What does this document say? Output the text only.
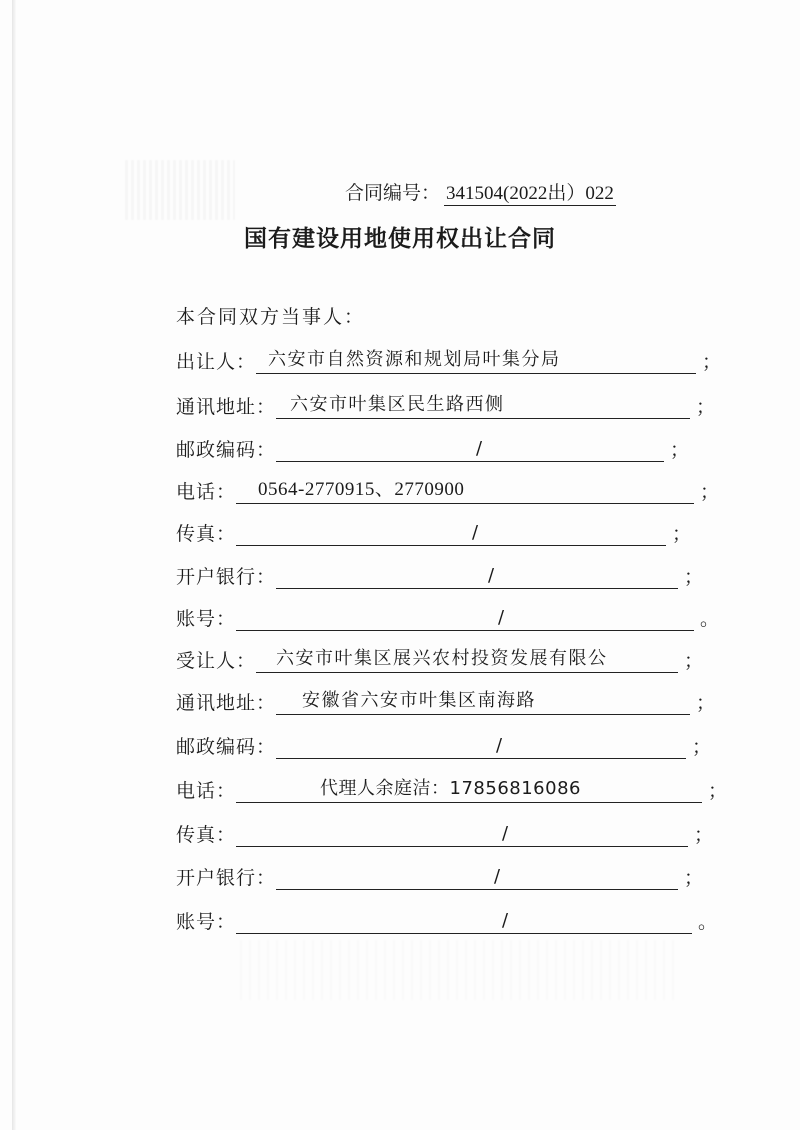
合同编号： 341504(2022出）022
国有建设用地使用权出让合同
本合同双方当事人：
出让人： 六安市自然资源和规划局叶集分局	；
通讯地址： 六安市叶集区民生路西侧	；
邮政编码：	/	；
电话： 0564-2770915、2770900	；
传真：	/	；
开户银行：	/	；
账号：	/	。
受让人： 六安市叶集区展兴农村投资发展有限公	；
通讯地址： 安徽省六安市叶集区南海路	；
邮政编码：	/	；
电话：	代理人余庭洁：17856816086	；
传真：	/	；
开户银行：	/	；
账号：	/	。
